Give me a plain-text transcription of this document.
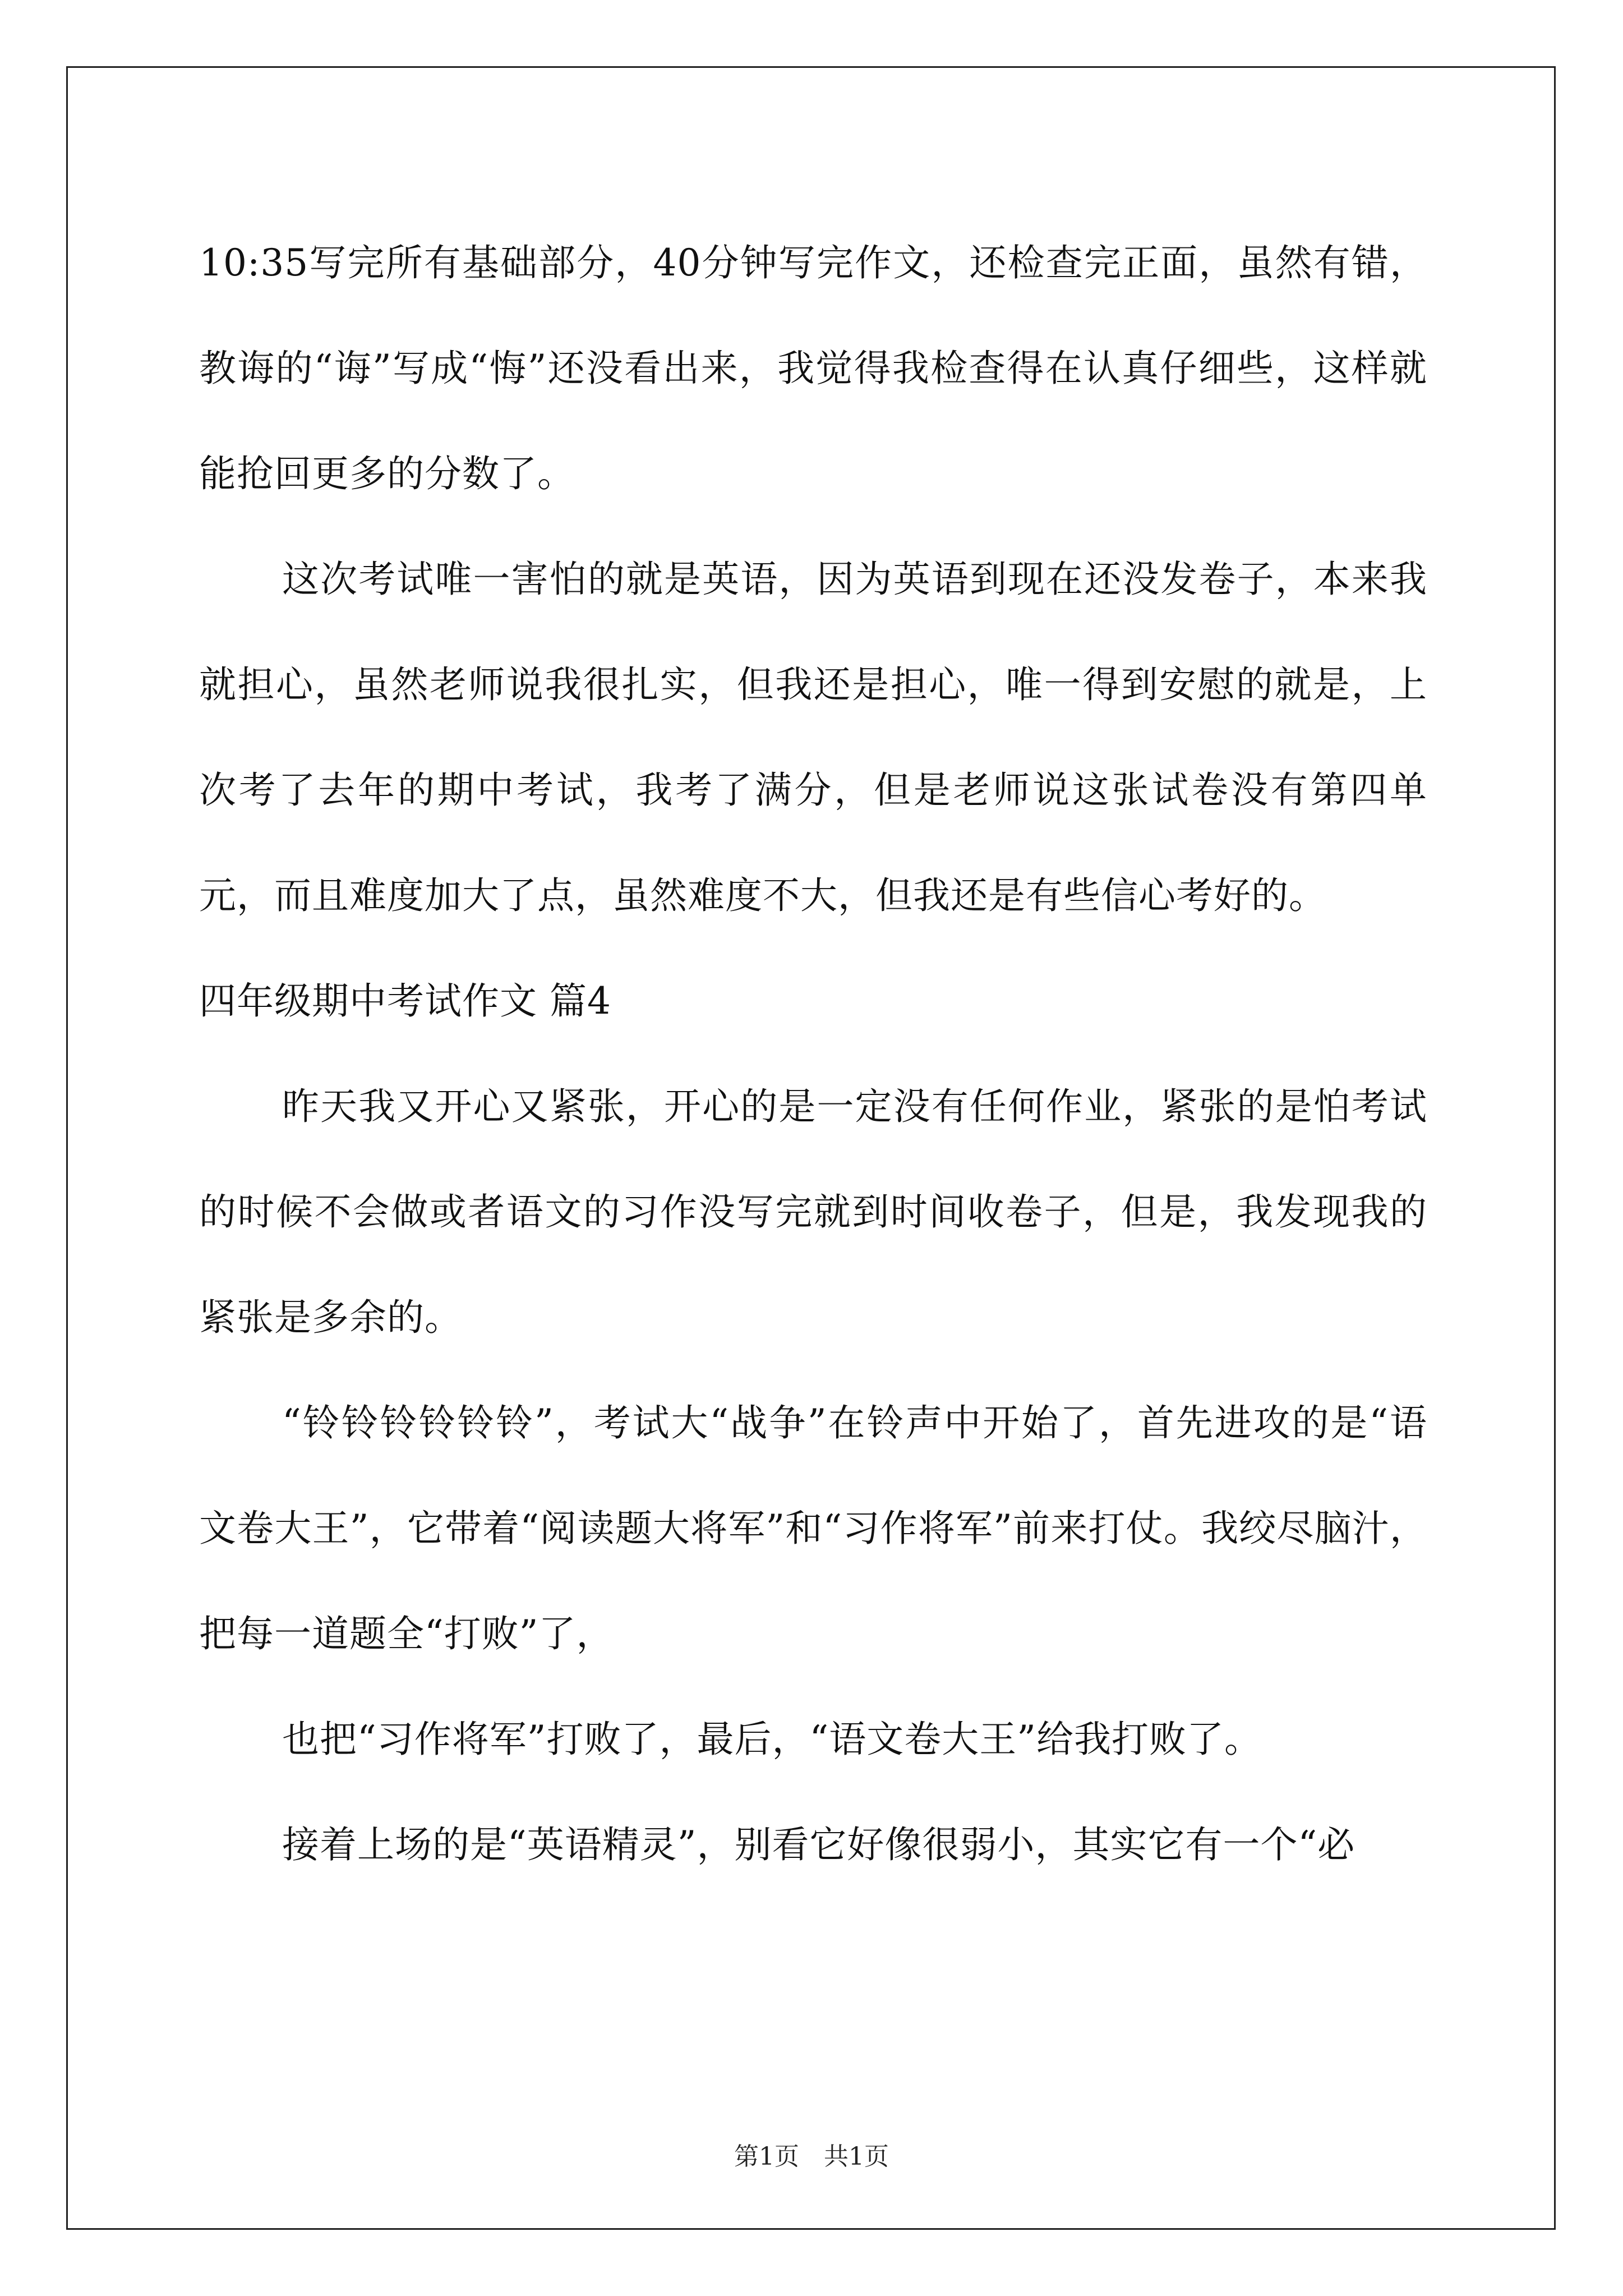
10:35写完所有基础部分，40分钟写完作文，还检查完正面，虽然有错，教诲的“诲”写成“悔”还没看出来，我觉得我检查得在认真仔细些，这样就能抢回更多的分数了。

这次考试唯一害怕的就是英语，因为英语到现在还没发卷子，本来我就担心，虽然老师说我很扎实，但我还是担心，唯一得到安慰的就是，上次考了去年的期中考试，我考了满分，但是老师说这张试卷没有第四单元，而且难度加大了点，虽然难度不大，但我还是有些信心考好的。

四年级期中考试作文 篇4

昨天我又开心又紧张，开心的是一定没有任何作业，紧张的是怕考试的时候不会做或者语文的习作没写完就到时间收卷子，但是，我发现我的紧张是多余的。

“铃铃铃铃铃铃”，考试大“战争”在铃声中开始了，首先进攻的是“语文卷大王”，它带着“阅读题大将军”和“习作将军”前来打仗。我绞尽脑汁，把每一道题全“打败”了，

也把“习作将军”打败了，最后，“语文卷大王”给我打败了。

接着上场的是“英语精灵”，别看它好像很弱小，其实它有一个“必

第1页　共1页
